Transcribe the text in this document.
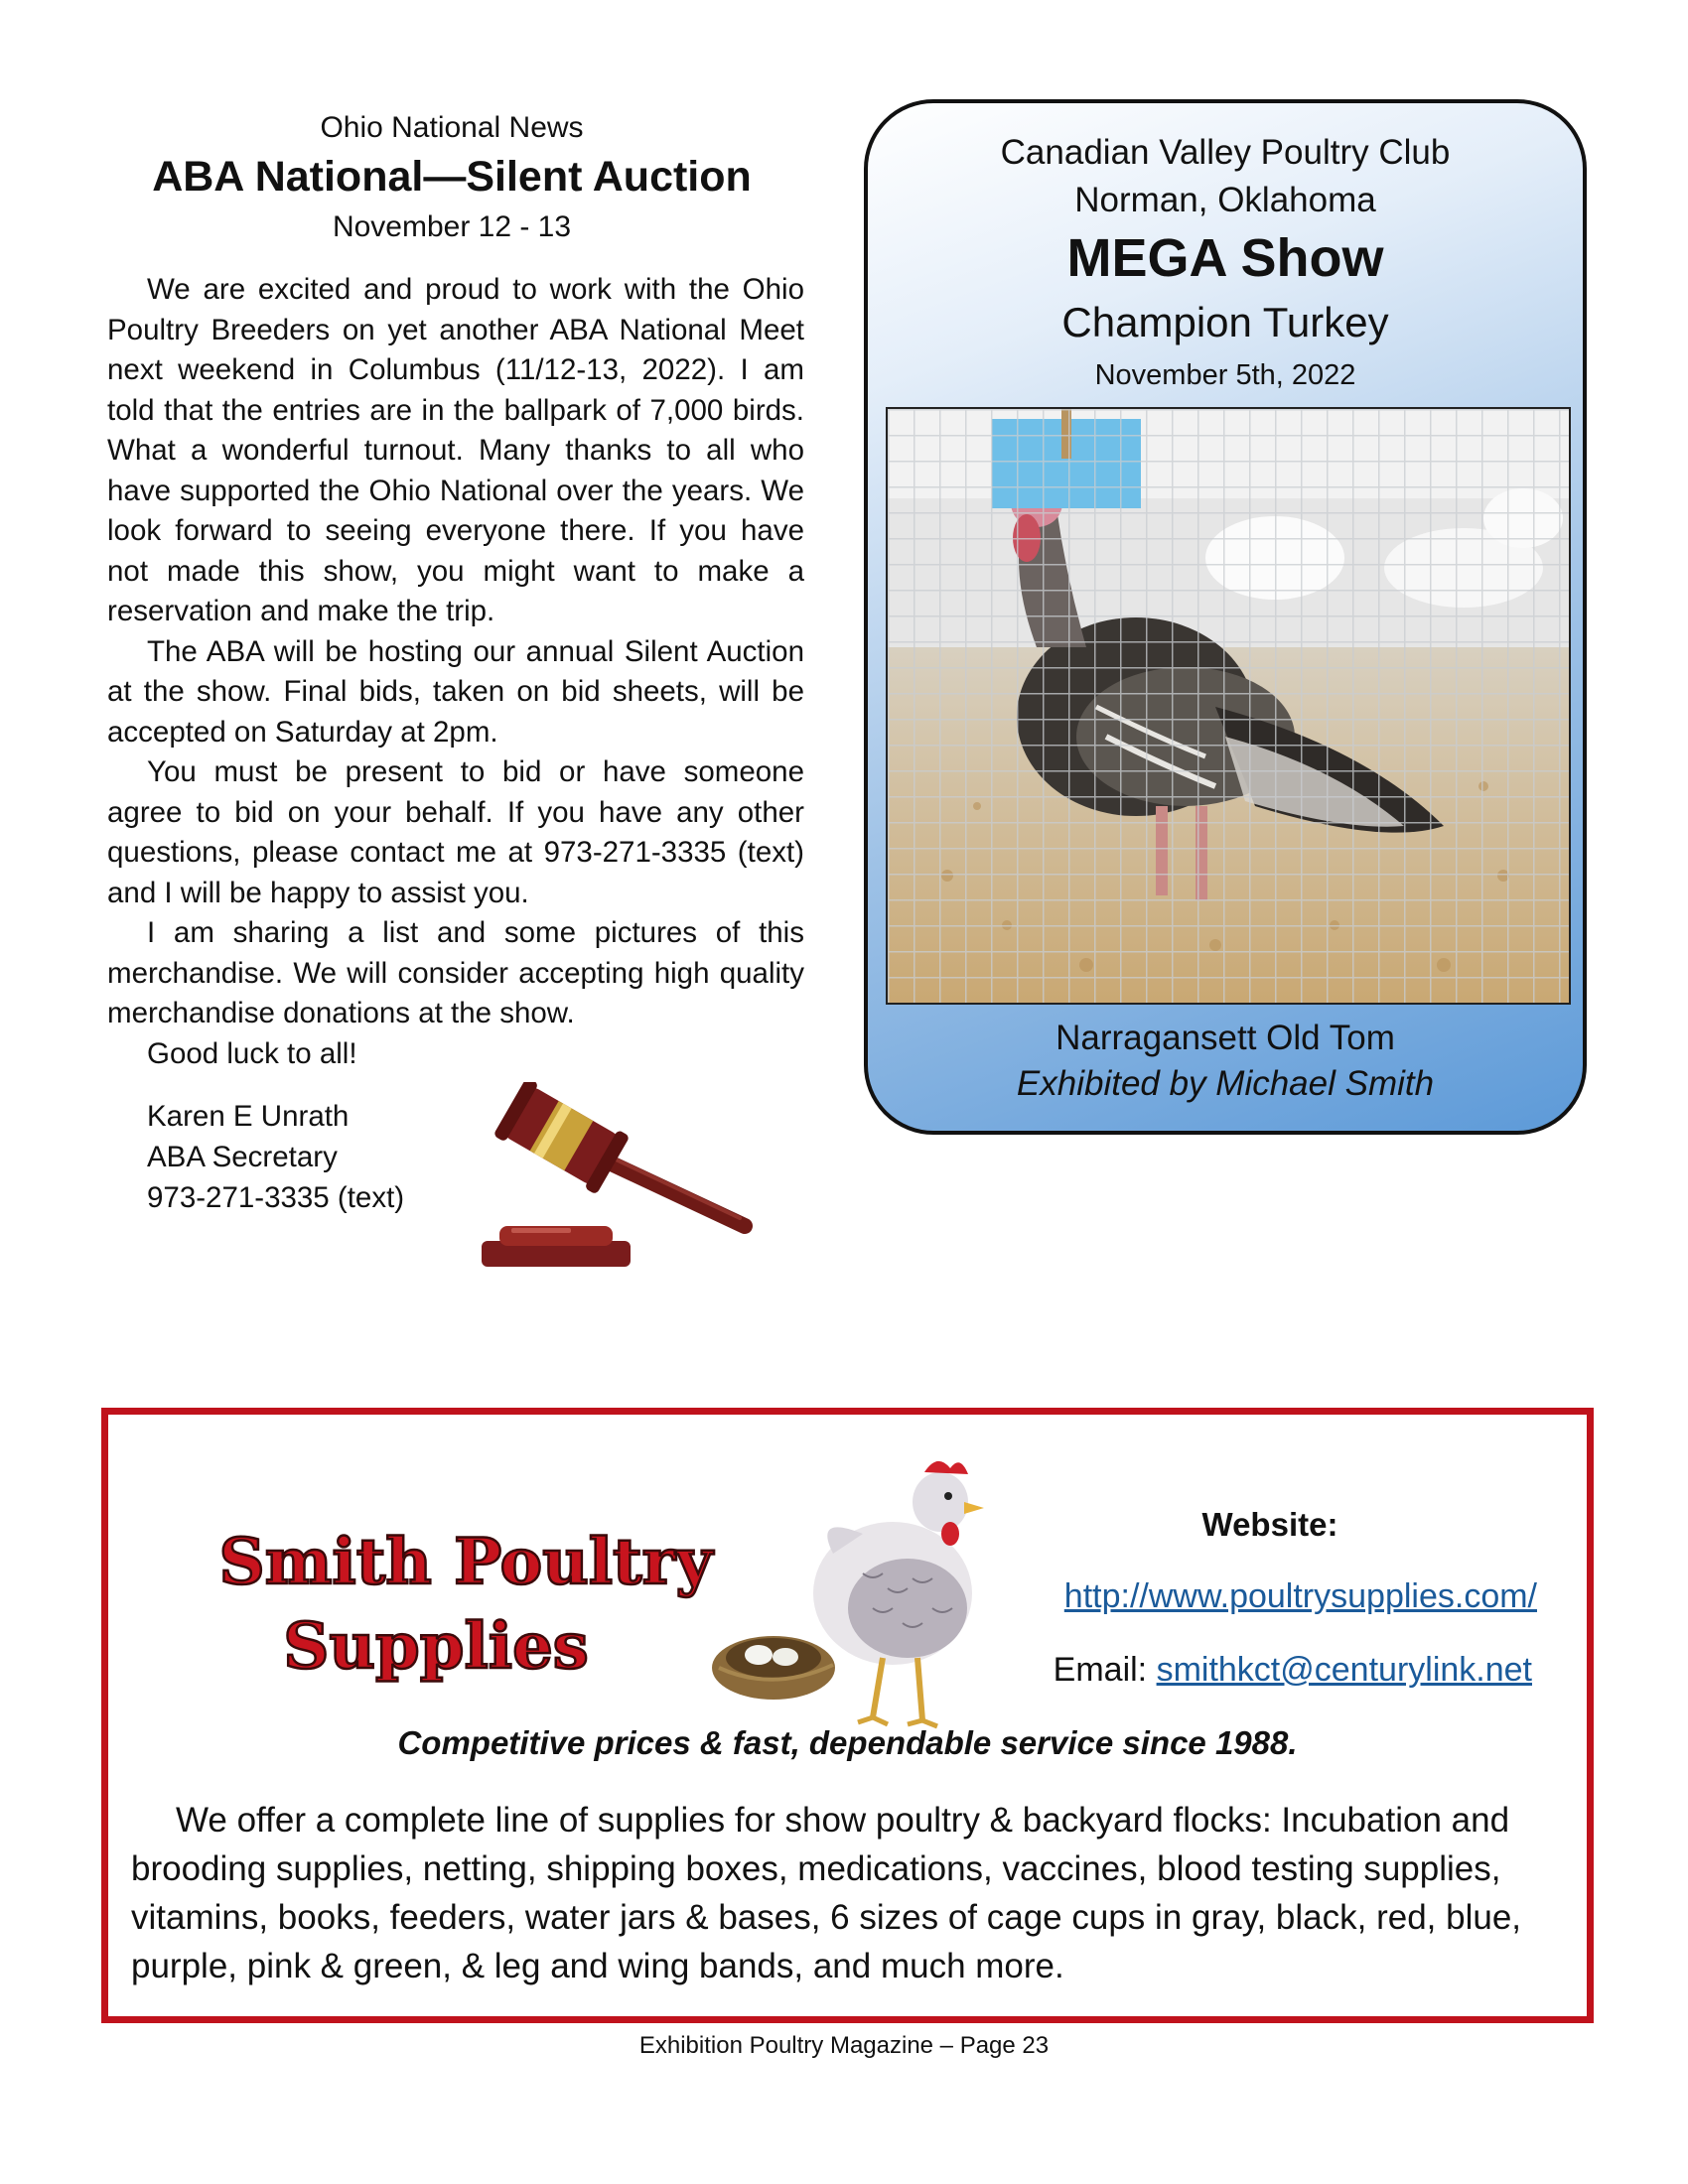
Ohio National News
ABA National—Silent Auction
November 12 - 13

We are excited and proud to work with the Ohio Poultry Breeders on yet another ABA National Meet next weekend in Columbus (11/12-13, 2022). I am told that the entries are in the ballpark of 7,000 birds. What a wonderful turnout. Many thanks to all who have supported the Ohio National over the years. We look forward to seeing everyone there. If you have not made this show, you might want to make a reservation and make the trip.

The ABA will be hosting our annual Silent Auction at the show. Final bids, taken on bid sheets, will be accepted on Saturday at 2pm.

You must be present to bid or have someone agree to bid on your behalf. If you have any other questions, please contact me at 973-271-3335 (text) and I will be happy to assist you.

I am sharing a list and some pictures of this merchandise. We will consider accepting high quality merchandise donations at the show.

Good luck to all!

Karen E Unrath
ABA Secretary
973-271-3335 (text)
Canadian Valley Poultry Club
Norman, Oklahoma
MEGA Show
Champion Turkey
November 5th, 2022
Narragansett Old Tom
Exhibited by Michael Smith
Smith Poultry
Supplies
Website:
http://www.poultrysupplies.com/
Email: smithkct@centurylink.net
Competitive prices & fast, dependable service since 1988.
We offer a complete line of supplies for show poultry & backyard flocks: Incubation and brooding supplies, netting, shipping boxes, medications, vaccines, blood testing supplies, vitamins, books, feeders, water jars & bases, 6 sizes of cage cups in gray, black, red, blue, purple, pink & green, & leg and wing bands, and much more.
Exhibition Poultry Magazine – Page 23
